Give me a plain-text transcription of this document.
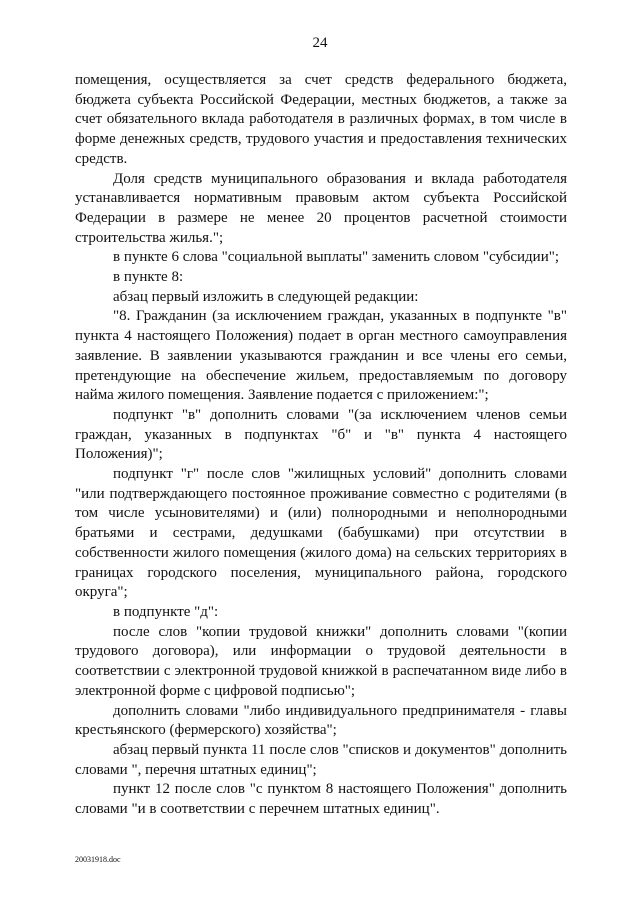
24

помещения, осуществляется за счет средств федерального бюджета, бюджета субъекта Российской Федерации, местных бюджетов, а также за счет обязательного вклада работодателя в различных формах, в том числе в форме денежных средств, трудового участия и предоставления технических средств.

Доля средств муниципального образования и вклада работодателя устанавливается нормативным правовым актом субъекта Российской Федерации в размере не менее 20 процентов расчетной стоимости строительства жилья.";

в пункте 6 слова "социальной выплаты" заменить словом "субсидии";

в пункте 8:

абзац первый изложить в следующей редакции:

"8. Гражданин (за исключением граждан, указанных в подпункте "в" пункта 4 настоящего Положения) подает в орган местного самоуправления заявление. В заявлении указываются гражданин и все члены его семьи, претендующие на обеспечение жильем, предоставляемым по договору найма жилого помещения. Заявление подается с приложением:";

подпункт "в" дополнить словами "(за исключением членов семьи граждан, указанных в подпунктах "б" и "в" пункта 4 настоящего Положения)";

подпункт "г" после слов "жилищных условий" дополнить словами "или подтверждающего постоянное проживание совместно с родителями (в том числе усыновителями) и (или) полнородными и неполнородными братьями и сестрами, дедушками (бабушками) при отсутствии в собственности жилого помещения (жилого дома) на сельских территориях в границах городского поселения, муниципального района, городского округа";

в подпункте "д":

после слов "копии трудовой книжки" дополнить словами "(копии трудового договора), или информации о трудовой деятельности в соответствии с электронной трудовой книжкой в распечатанном виде либо в электронной форме с цифровой подписью";

дополнить словами "либо индивидуального предпринимателя - главы крестьянского (фермерского) хозяйства";

абзац первый пункта 11 после слов "списков и документов" дополнить словами ", перечня штатных единиц";

пункт 12 после слов "с пунктом 8 настоящего Положения" дополнить словами "и в соответствии с перечнем штатных единиц".

20031918.doc
